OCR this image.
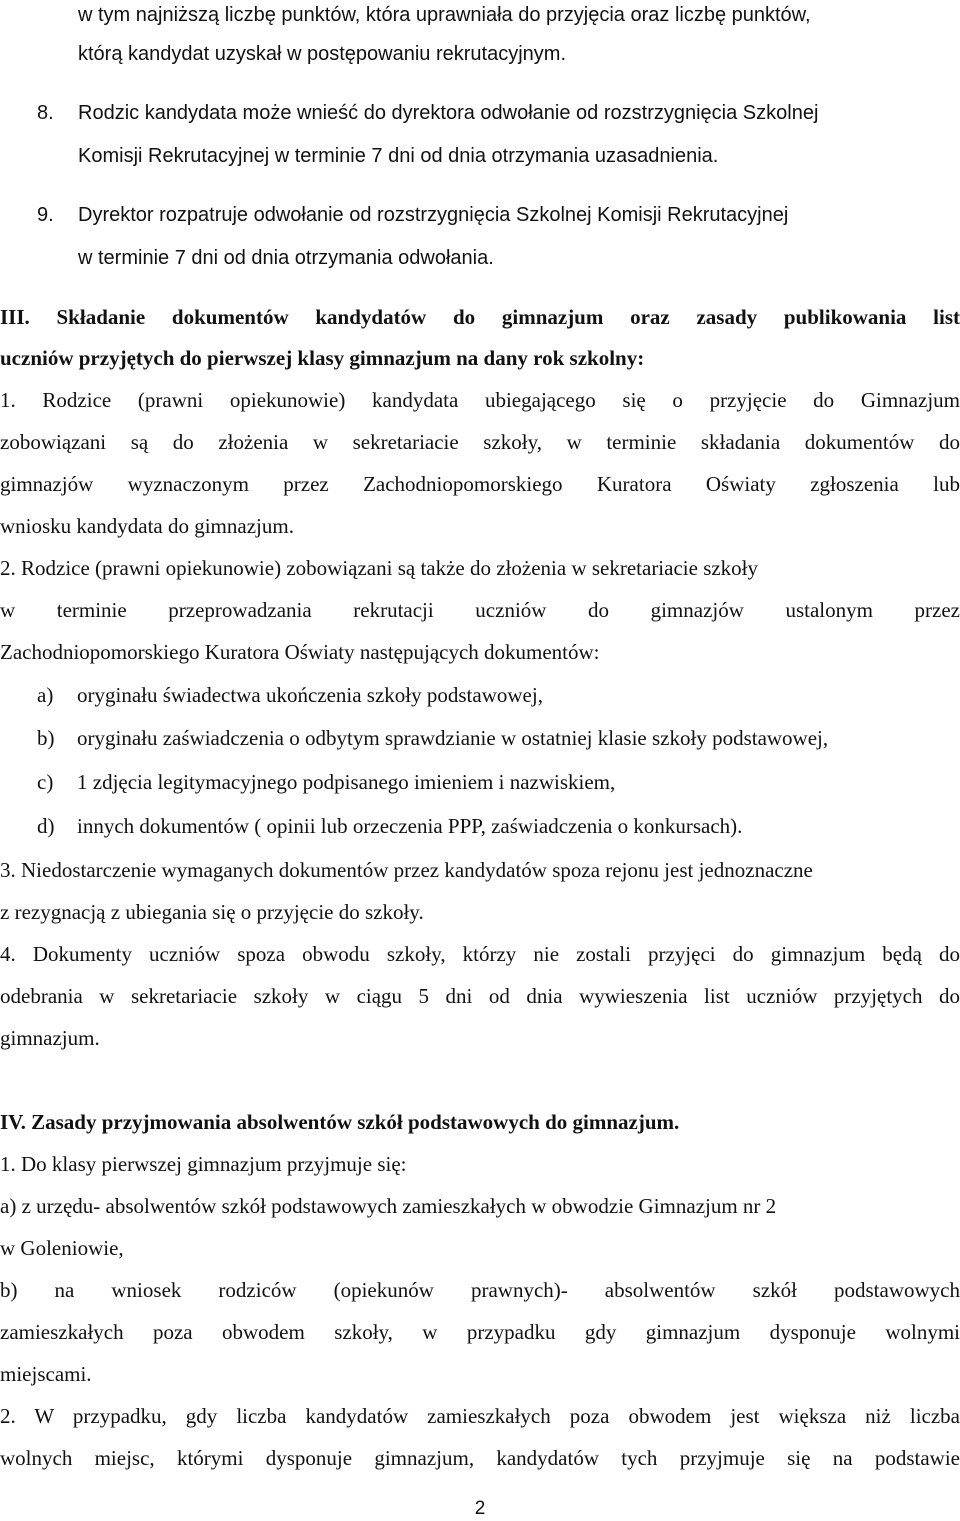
w tym najniższą liczbę punktów, która uprawniała do przyjęcia oraz liczbę punktów,
którą kandydat uzyskał w postępowaniu rekrutacyjnym.
8. Rodzic kandydata może wnieść do dyrektora odwołanie od rozstrzygnięcia Szkolnej
Komisji Rekrutacyjnej w terminie 7 dni od dnia otrzymania uzasadnienia.
9. Dyrektor rozpatruje odwołanie od rozstrzygnięcia Szkolnej Komisji Rekrutacyjnej
w terminie 7 dni od dnia otrzymania odwołania.
III. Składanie dokumentów kandydatów do gimnazjum oraz zasady publikowania list
uczniów przyjętych do pierwszej klasy gimnazjum na dany rok szkolny:
1. Rodzice (prawni opiekunowie) kandydata ubiegającego się o przyjęcie do Gimnazjum
zobowiązani są do złożenia w sekretariacie szkoły, w terminie składania dokumentów do
gimnazjów wyznaczonym przez Zachodniopomorskiego Kuratora Oświaty zgłoszenia lub
wniosku kandydata do gimnazjum.
2. Rodzice (prawni opiekunowie) zobowiązani są także do złożenia w sekretariacie szkoły
w terminie przeprowadzania rekrutacji uczniów do gimnazjów ustalonym przez
Zachodniopomorskiego Kuratora Oświaty następujących dokumentów:
a) oryginału świadectwa ukończenia szkoły podstawowej,
b) oryginału zaświadczenia o odbytym sprawdzianie w ostatniej klasie szkoły podstawowej,
c) 1 zdjęcia legitymacyjnego podpisanego imieniem i nazwiskiem,
d) innych dokumentów ( opinii lub orzeczenia PPP, zaświadczenia o konkursach).
3. Niedostarczenie wymaganych dokumentów przez kandydatów spoza rejonu jest jednoznaczne
z rezygnacją z ubiegania się o przyjęcie do szkoły.
4. Dokumenty uczniów spoza obwodu szkoły, którzy nie zostali przyjęci do gimnazjum będą do
odebrania w sekretariacie szkoły w ciągu 5 dni od dnia wywieszenia list uczniów przyjętych do
gimnazjum.
IV. Zasady przyjmowania absolwentów szkół podstawowych do gimnazjum.
1. Do klasy pierwszej gimnazjum przyjmuje się:
a) z urzędu- absolwentów szkół podstawowych zamieszkałych w obwodzie Gimnazjum nr 2
w Goleniowie,
b) na wniosek rodziców (opiekunów prawnych)- absolwentów szkół podstawowych
zamieszkałych poza obwodem szkoły, w przypadku gdy gimnazjum dysponuje wolnymi
miejscami.
2. W przypadku, gdy liczba kandydatów zamieszkałych poza obwodem jest większa niż liczba
wolnych miejsc, którymi dysponuje gimnazjum, kandydatów tych przyjmuje się na podstawie
2
